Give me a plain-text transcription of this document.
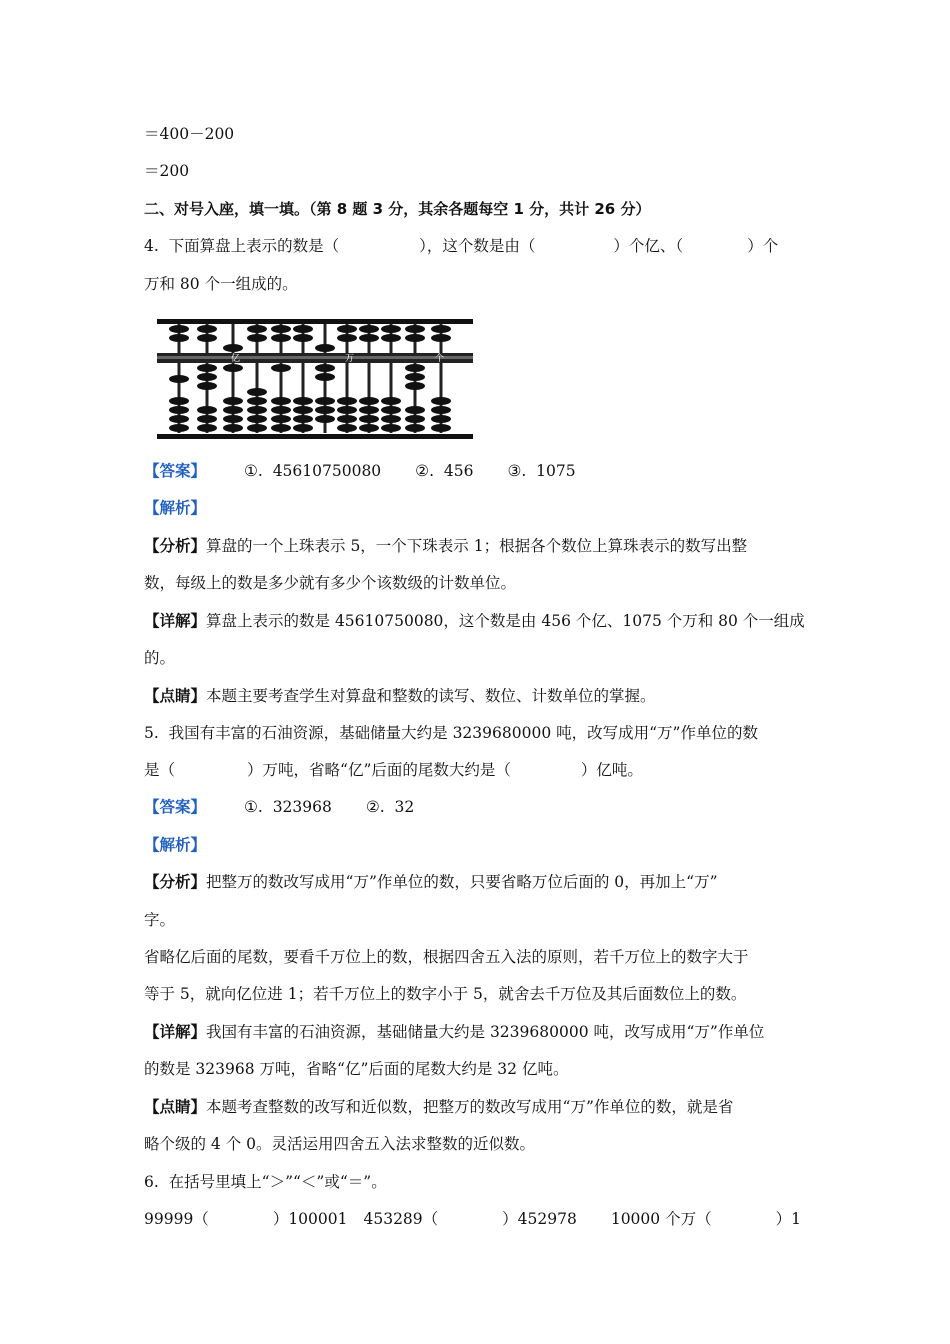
＝400－200
＝200
二、对号入座，填一填。（第 8 题 3 分，其余各题每空 1 分，共计 26 分）
4.  下面算盘上表示的数是（	），这个数是由（	）个亿、（	）个
万和 80 个一组成的。
亿	万	个
【答案】 ①.  45610750080 ②.  456 ③.  1075
【解析】
【分析】算盘的一个上珠表示 5，一个下珠表示 1；根据各个数位上算珠表示的数写出整
数，每级上的数是多少就有多少个该数级的计数单位。
【详解】算盘上表示的数是 45610750080，这个数是由 456 个亿、1075 个万和 80 个一组成
的。
【点睛】本题主要考查学生对算盘和整数的读写、数位、计数单位的掌握。
5.  我国有丰富的石油资源，基础储量大约是 3239680000 吨，改写成用“万”作单位的数
是（	）万吨，省略“亿”后面的尾数大约是（	）亿吨。
【答案】 ①.  323968 ②.  32
【解析】
【分析】把整万的数改写成用“万”作单位的数，只要省略万位后面的 0，再加上“万”
字。
省略亿后面的尾数，要看千万位上的数，根据四舍五入法的原则，若千万位上的数字大于
等于 5，就向亿位进 1；若千万位上的数字小于 5，就舍去千万位及其后面数位上的数。
【详解】我国有丰富的石油资源，基础储量大约是 3239680000 吨，改写成用“万”作单位
的数是 323968 万吨，省略“亿”后面的尾数大约是 32 亿吨。
【点睛】本题考查整数的改写和近似数，把整万的数改写成用“万”作单位的数，就是省
略个级的 4 个 0。灵活运用四舍五入法求整数的近似数。
6.  在括号里填上“＞”“＜”或“＝”。
99999（	）100001 453289（	）452978 10000 个万（	）1
